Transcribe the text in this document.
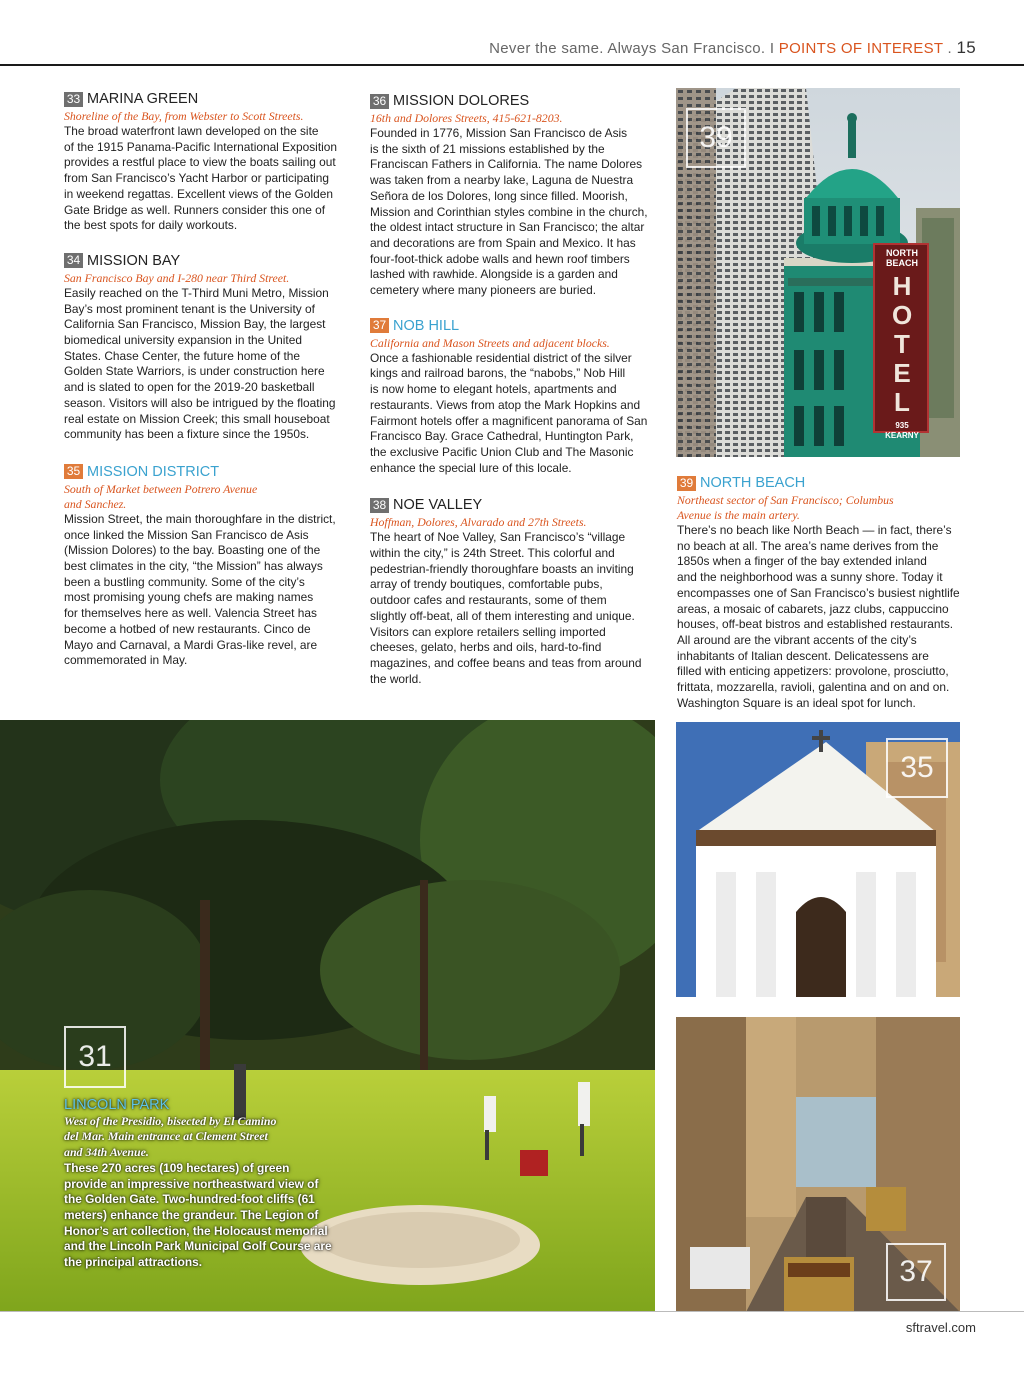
Never the same. Always San Francisco. I POINTS OF INTEREST . 15
33 MARINA GREEN

Shoreline of the Bay, from Webster to Scott Streets.

The broad waterfront lawn developed on the site
of the 1915 Panama-Pacific International Exposition
provides a restful place to view the boats sailing out
from San Francisco’s Yacht Harbor or participating
in weekend regattas. Excellent views of the Golden
Gate Bridge as well. Runners consider this one of
the best spots for daily workouts.

34 MISSION BAY

San Francisco Bay and I-280 near Third Street.

Easily reached on the T-Third Muni Metro, Mission
Bay’s most prominent tenant is the University of
California San Francisco, Mission Bay, the largest
biomedical university expansion in the United
States. Chase Center, the future home of the
Golden State Warriors, is under construction here
and is slated to open for the 2019-20 basketball
season. Visitors will also be intrigued by the floating
real estate on Mission Creek; this small houseboat
community has been a fixture since the 1950s.

35 MISSION DISTRICT

South of Market between Potrero Avenue
and Sanchez.

Mission Street, the main thoroughfare in the district,
once linked the Mission San Francisco de Asis
(Mission Dolores) to the bay. Boasting one of the
best climates in the city, “the Mission” has always
been a bustling community. Some of the city’s
most promising young chefs are making names
for themselves here as well. Valencia Street has
become a hotbed of new restaurants. Cinco de
Mayo and Carnaval, a Mardi Gras-like revel, are
commemorated in May.

36 MISSION DOLORES

16th and Dolores Streets, 415-621-8203.

Founded in 1776, Mission San Francisco de Asis
is the sixth of 21 missions established by the
Franciscan Fathers in California. The name Dolores
was taken from a nearby lake, Laguna de Nuestra
Señora de los Dolores, long since filled. Moorish,
Mission and Corinthian styles combine in the church,
the oldest intact structure in San Francisco; the altar
and decorations are from Spain and Mexico. It has
four-foot-thick adobe walls and hewn roof timbers
lashed with rawhide. Alongside is a garden and
cemetery where many pioneers are buried.

37 NOB HILL

California and Mason Streets and adjacent blocks.

Once a fashionable residential district of the silver
kings and railroad barons, the “nabobs,” Nob Hill
is now home to elegant hotels, apartments and
restaurants. Views from atop the Mark Hopkins and
Fairmont hotels offer a magnificent panorama of San
Francisco Bay. Grace Cathedral, Huntington Park,
the exclusive Pacific Union Club and The Masonic
enhance the special lure of this locale.

38 NOE VALLEY

Hoffman, Dolores, Alvarado and 27th Streets.

The heart of Noe Valley, San Francisco’s “village
within the city,” is 24th Street. This colorful and
pedestrian-friendly thoroughfare boasts an inviting
array of trendy boutiques, comfortable pubs,
outdoor cafes and restaurants, some of them
slightly off-beat, all of them interesting and unique.
Visitors can explore retailers selling imported
cheeses, gelato, herbs and oils, hard-to-find
magazines, and coffee beans and teas from around
the world.

NORTH BEACH
HOTEL
935 KEARNY
39
39 NORTH BEACH

Northeast sector of San Francisco; Columbus
Avenue is the main artery.

There’s no beach like North Beach — in fact, there’s
no beach at all. The area’s name derives from the
1850s when a finger of the bay extended inland
and the neighborhood was a sunny shore. Today it
encompasses one of San Francisco’s busiest nightlife
areas, a mosaic of cabarets, jazz clubs, cappuccino
houses, off-beat bistros and established restaurants.
All around are the vibrant accents of the city’s
inhabitants of Italian descent. Delicatessens are
filled with enticing appetizers: provolone, prosciutto,
frittata, mozzarella, ravioli, galentina and on and on.
Washington Square is an ideal spot for lunch.

31
LINCOLN PARK
West of the Presidio, bisected by El Camino
del Mar. Main entrance at Clement Street
and 34th Avenue.
These 270 acres (109 hectares) of green
provide an impressive northeastward view of
the Golden Gate. Two-hundred-foot cliffs (61
meters) enhance the grandeur. The Legion of
Honor’s art collection, the Holocaust memorial
and the Lincoln Park Municipal Golf Course are
the principal attractions.
35
37
sftravel.com
